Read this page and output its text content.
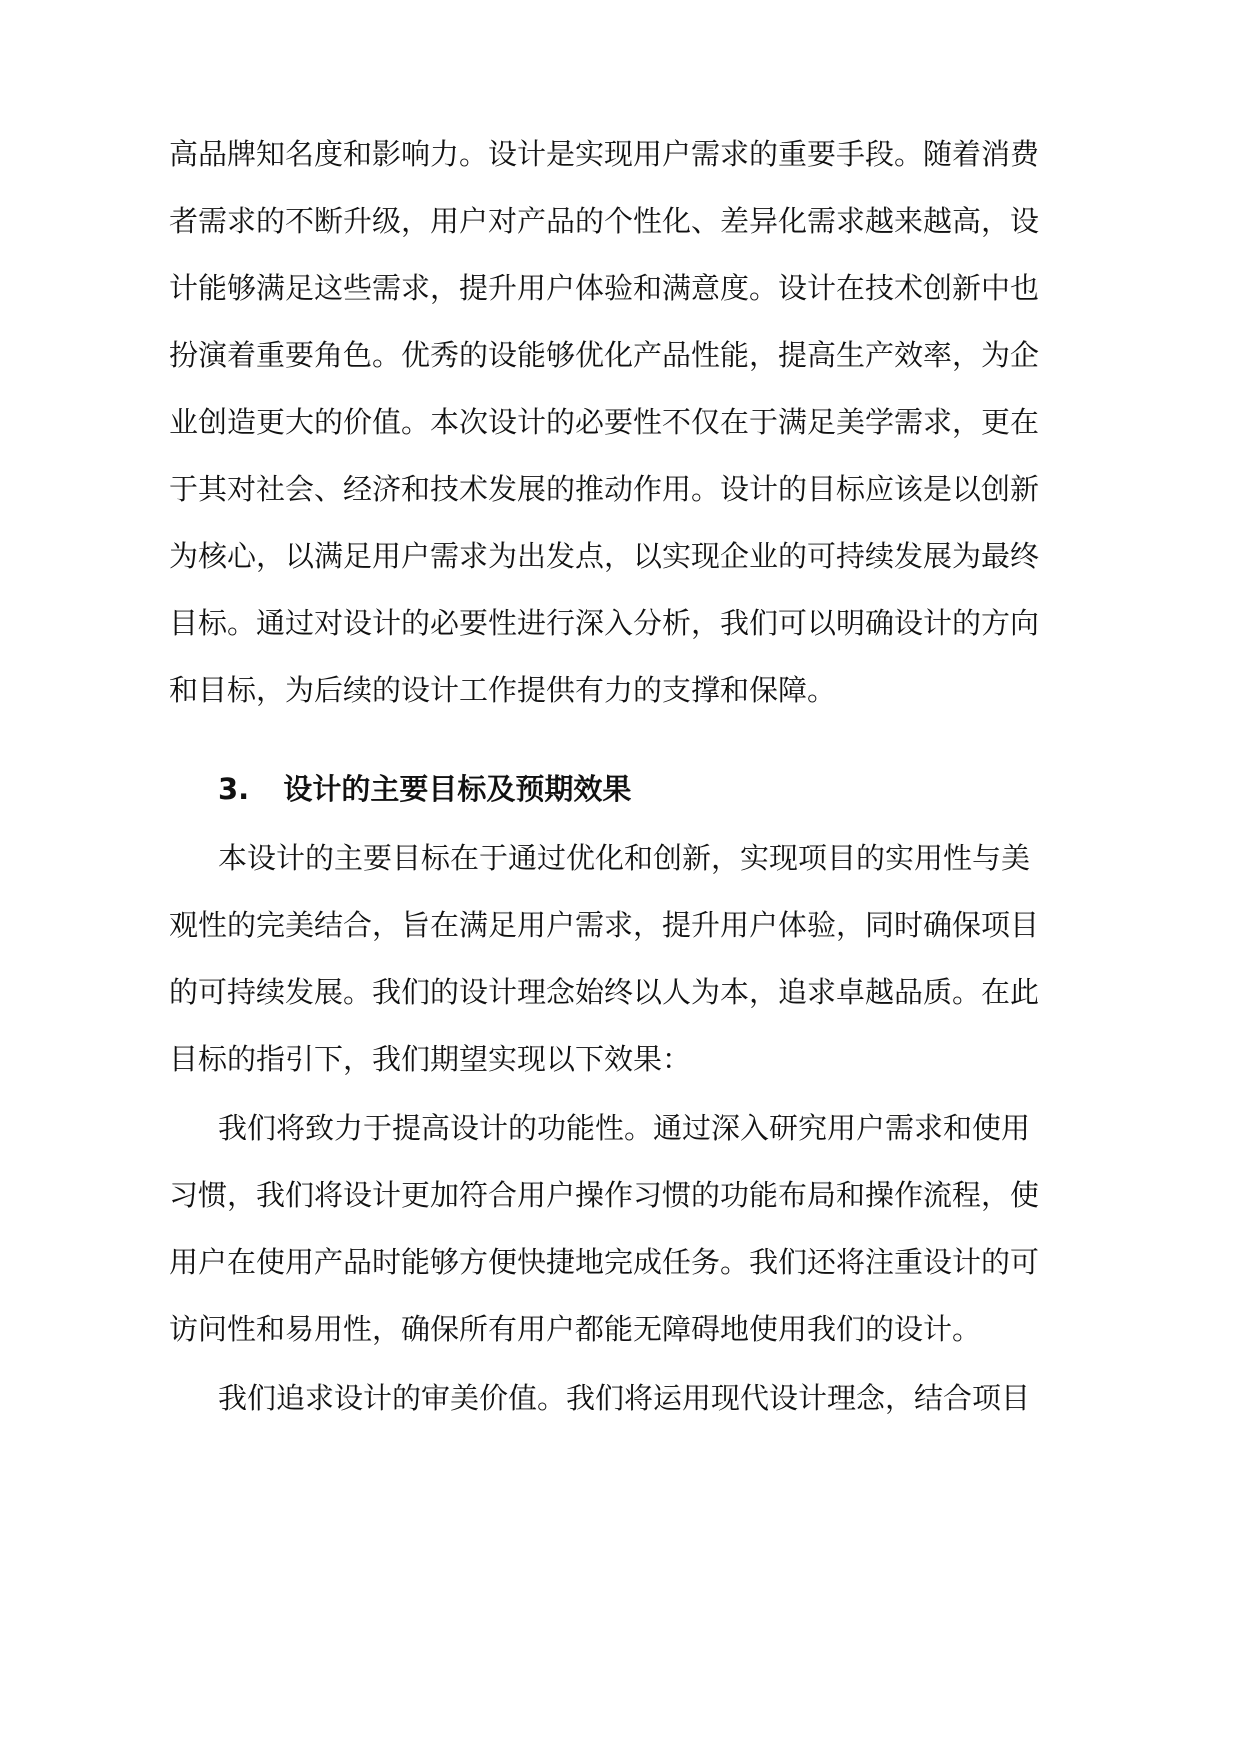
高品牌知名度和影响力。设计是实现用户需求的重要手段。随着消费
者需求的不断升级，用户对产品的个性化、差异化需求越来越高，设
计能够满足这些需求，提升用户体验和满意度。设计在技术创新中也
扮演着重要角色。优秀的设能够优化产品性能，提高生产效率，为企
业创造更大的价值。本次设计的必要性不仅在于满足美学需求，更在
于其对社会、经济和技术发展的推动作用。设计的目标应该是以创新
为核心，以满足用户需求为出发点，以实现企业的可持续发展为最终
目标。通过对设计的必要性进行深入分析，我们可以明确设计的方向
和目标，为后续的设计工作提供有力的支撑和保障。
3. 设计的主要目标及预期效果
本设计的主要目标在于通过优化和创新，实现项目的实用性与美
观性的完美结合，旨在满足用户需求，提升用户体验，同时确保项目
的可持续发展。我们的设计理念始终以人为本，追求卓越品质。在此
目标的指引下，我们期望实现以下效果：
我们将致力于提高设计的功能性。通过深入研究用户需求和使用
习惯，我们将设计更加符合用户操作习惯的功能布局和操作流程，使
用户在使用产品时能够方便快捷地完成任务。我们还将注重设计的可
访问性和易用性，确保所有用户都能无障碍地使用我们的设计。
我们追求设计的审美价值。我们将运用现代设计理念，结合项目
